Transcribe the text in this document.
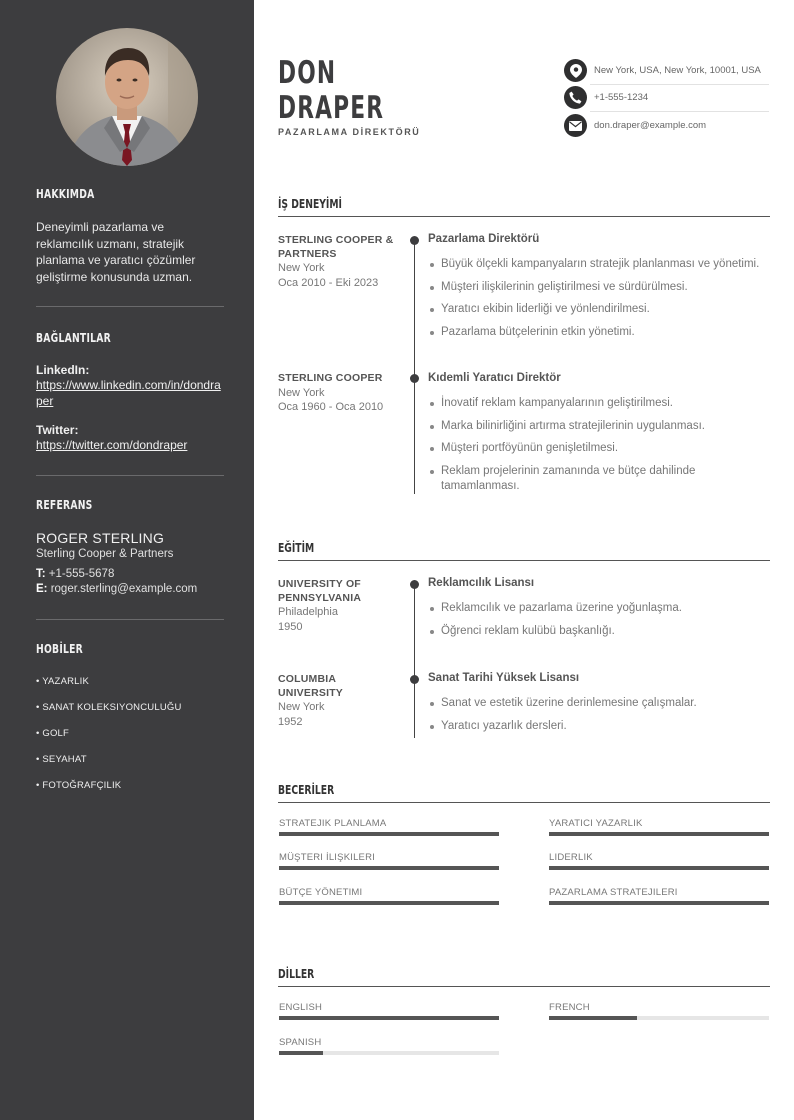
HAKKIMDA
Deneyimli pazarlama ve reklamcılık uzmanı, stratejik planlama ve yaratıcı çözümler geliştirme konusunda uzman.
BAĞLANTILAR
LinkedIn:
https://www.linkedin.com/in/dondraper
Twitter:
https://twitter.com/dondraper
REFERANS
ROGER STERLING
Sterling Cooper & Partners
T: +1-555-5678
E: roger.sterling@example.com
HOBİLER
• YAZARLIK
• SANAT KOLEKSIYONCULUĞU
• GOLF
• SEYAHAT
• FOTOĞRAFÇILIK
DON
DRAPER
PAZARLAMA DİREKTÖRÜ
New York, USA, New York, 10001, USA
+1-555-1234
don.draper@example.com
İŞ DENEYİMİ
STERLING COOPER & PARTNERS
New York
Oca 2010 - Eki 2023
Pazarlama Direktörü
Büyük ölçekli kampanyaların stratejik planlanması ve yönetimi.
Müşteri ilişkilerinin geliştirilmesi ve sürdürülmesi.
Yaratıcı ekibin liderliği ve yönlendirilmesi.
Pazarlama bütçelerinin etkin yönetimi.
STERLING COOPER
New York
Oca 1960 - Oca 2010
Kıdemli Yaratıcı Direktör
İnovatif reklam kampanyalarının geliştirilmesi.
Marka bilinirliğini artırma stratejilerinin uygulanması.
Müşteri portföyünün genişletilmesi.
Reklam projelerinin zamanında ve bütçe dahilinde tamamlanması.
EĞİTİM
UNIVERSITY OF PENNSYLVANIA
Philadelphia
1950
Reklamcılık Lisansı
Reklamcılık ve pazarlama üzerine yoğunlaşma.
Öğrenci reklam kulübü başkanlığı.
COLUMBIA UNIVERSITY
New York
1952
Sanat Tarihi Yüksek Lisansı
Sanat ve estetik üzerine derinlemesine çalışmalar.
Yaratıcı yazarlık dersleri.
BECERİLER
STRATEJIK PLANLAMA	YARATICI YAZARLIK
MÜŞTERI İLIŞKILERI	LIDERLIK
BÜTÇE YÖNETIMI	PAZARLAMA STRATEJILERI
DİLLER
ENGLISH	FRENCH
SPANISH
